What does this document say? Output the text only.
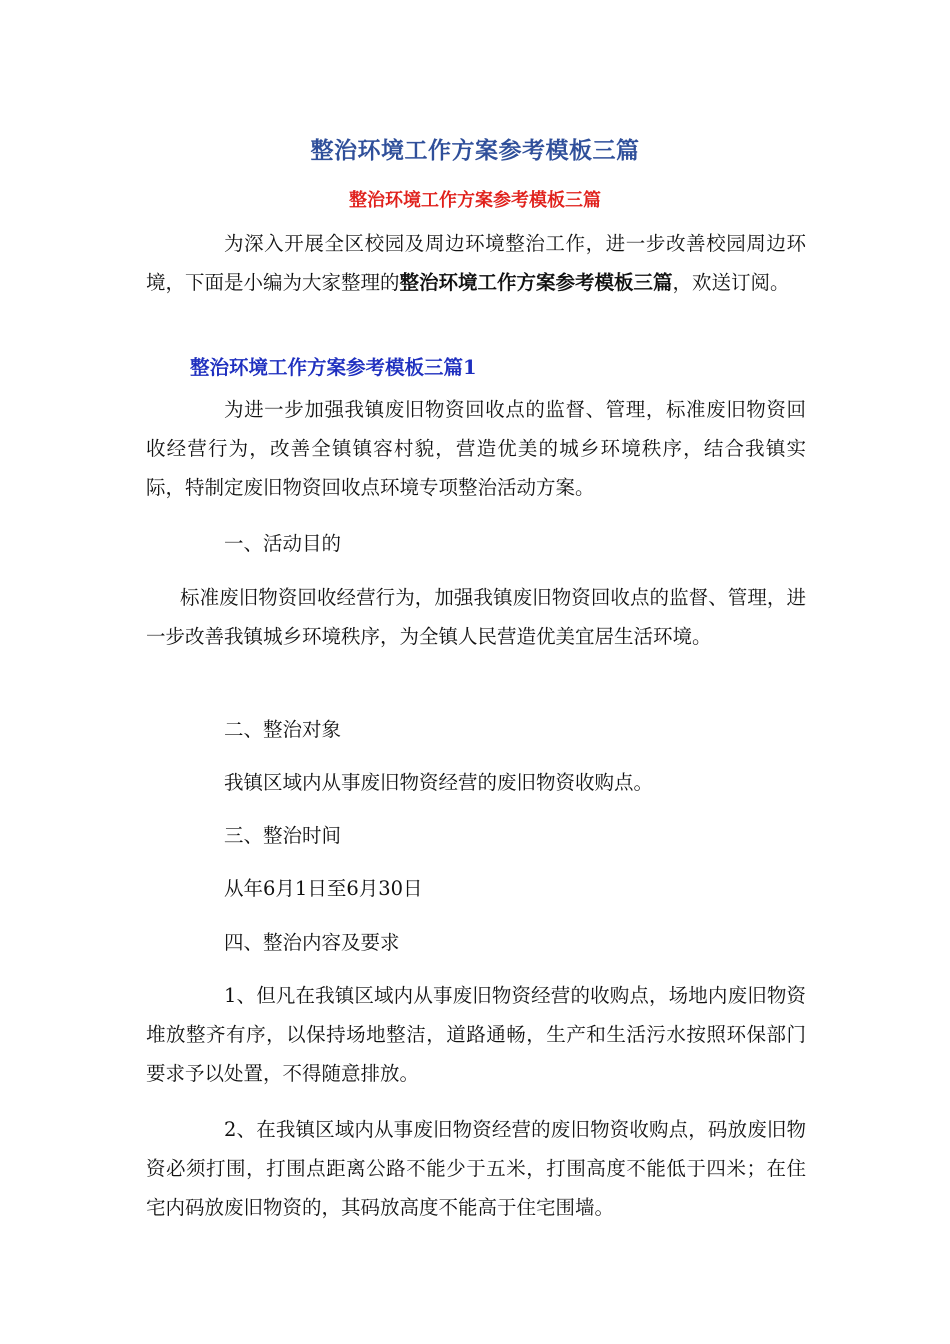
整治环境工作方案参考模板三篇
整治环境工作方案参考模板三篇

为深入开展全区校园及周边环境整治工作，进一步改善校园周边环境，下面是小编为大家整理的整治环境工作方案参考模板三篇，欢送订阅。

整治环境工作方案参考模板三篇1

为进一步加强我镇废旧物资回收点的监督、管理，标准废旧物资回收经营行为，改善全镇镇容村貌，营造优美的城乡环境秩序，结合我镇实际，特制定废旧物资回收点环境专项整治活动方案。

一、活动目的

标准废旧物资回收经营行为，加强我镇废旧物资回收点的监督、管理，进一步改善我镇城乡环境秩序，为全镇人民营造优美宜居生活环境。

二、整治对象

我镇区域内从事废旧物资经营的废旧物资收购点。

三、整治时间

从年6月1日至6月30日

四、整治内容及要求

1、但凡在我镇区域内从事废旧物资经营的收购点，场地内废旧物资堆放整齐有序，以保持场地整洁，道路通畅，生产和生活污水按照环保部门要求予以处置，不得随意排放。

2、在我镇区域内从事废旧物资经营的废旧物资收购点，码放废旧物资必须打围，打围点距离公路不能少于五米，打围高度不能低于四米；在住宅内码放废旧物资的，其码放高度不能高于住宅围墙。
